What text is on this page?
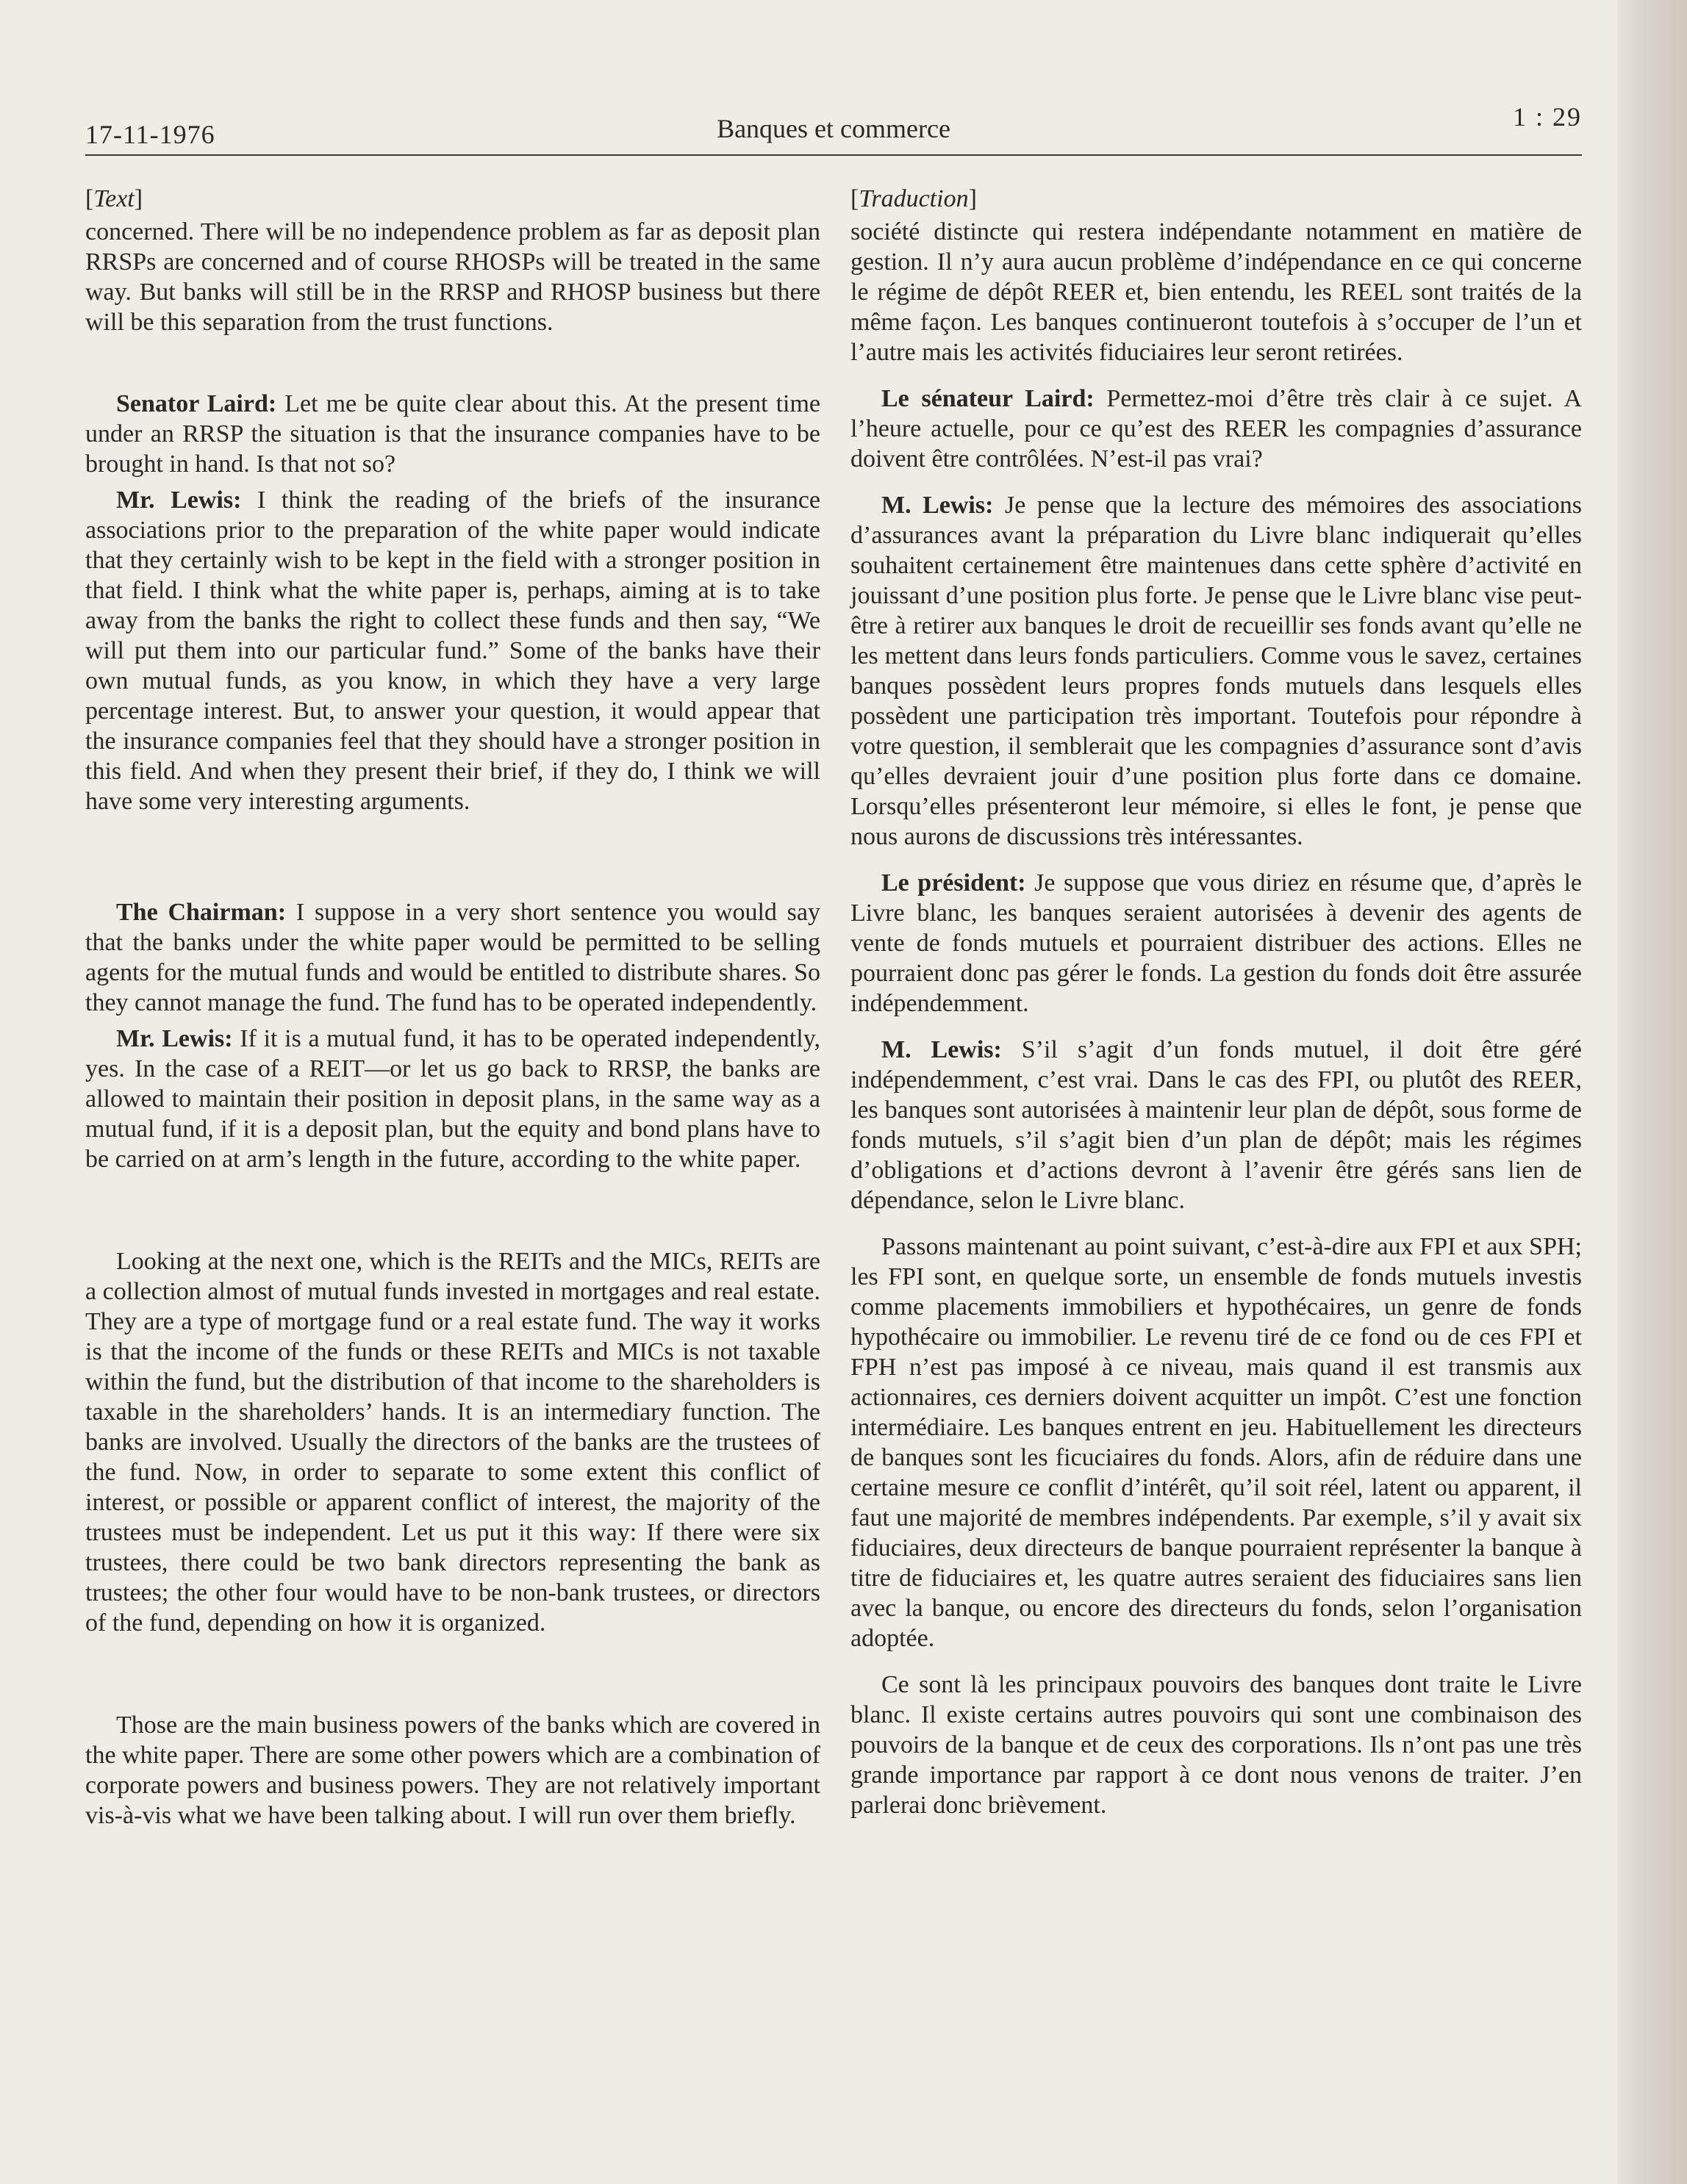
17-11-1976	Banques et commerce	1 : 29
[Text]

concerned. There will be no independence problem as far as deposit plan RRSPs are concerned and of course RHOSPs will be treated in the same way. But banks will still be in the RRSP and RHOSP business but there will be this separation from the trust functions.

Senator Laird: Let me be quite clear about this. At the present time under an RRSP the situation is that the insurance companies have to be brought in hand. Is that not so?

Mr. Lewis: I think the reading of the briefs of the insurance associations prior to the preparation of the white paper would indicate that they certainly wish to be kept in the field with a stronger position in that field. I think what the white paper is, perhaps, aiming at is to take away from the banks the right to collect these funds and then say, “We will put them into our particular fund.” Some of the banks have their own mutual funds, as you know, in which they have a very large percentage interest. But, to answer your question, it would appear that the insurance companies feel that they should have a stronger position in this field. And when they present their brief, if they do, I think we will have some very interesting arguments.

The Chairman: I suppose in a very short sentence you would say that the banks under the white paper would be permitted to be selling agents for the mutual funds and would be entitled to distribute shares. So they cannot manage the fund. The fund has to be operated independently.

Mr. Lewis: If it is a mutual fund, it has to be operated independently, yes. In the case of a REIT—or let us go back to RRSP, the banks are allowed to maintain their position in deposit plans, in the same way as a mutual fund, if it is a deposit plan, but the equity and bond plans have to be carried on at arm’s length in the future, according to the white paper.

Looking at the next one, which is the REITs and the MICs, REITs are a collection almost of mutual funds invested in mortgages and real estate. They are a type of mortgage fund or a real estate fund. The way it works is that the income of the funds or these REITs and MICs is not taxable within the fund, but the distribution of that income to the shareholders is taxable in the shareholders’ hands. It is an intermediary function. The banks are involved. Usually the directors of the banks are the trustees of the fund. Now, in order to separate to some extent this conflict of interest, or possible or apparent conflict of interest, the majority of the trustees must be independent. Let us put it this way: If there were six trustees, there could be two bank directors representing the bank as trustees; the other four would have to be non-bank trustees, or directors of the fund, depending on how it is organized.

Those are the main business powers of the banks which are covered in the white paper. There are some other powers which are a combination of corporate powers and business powers. They are not relatively important vis-à-vis what we have been talking about. I will run over them briefly.

[Traduction]

société distincte qui restera indépendante notamment en matière de gestion. Il n’y aura aucun problème d’indépendance en ce qui concerne le régime de dépôt REER et, bien entendu, les REEL sont traités de la même façon. Les banques continueront toutefois à s’occuper de l’un et l’autre mais les activités fiduciaires leur seront retirées.

Le sénateur Laird: Permettez-moi d’être très clair à ce sujet. A l’heure actuelle, pour ce qu’est des REER les compagnies d’assurance doivent être contrôlées. N’est-il pas vrai?

M. Lewis: Je pense que la lecture des mémoires des associations d’assurances avant la préparation du Livre blanc indiquerait qu’elles souhaitent certainement être maintenues dans cette sphère d’activité en jouissant d’une position plus forte. Je pense que le Livre blanc vise peut-être à retirer aux banques le droit de recueillir ses fonds avant qu’elle ne les mettent dans leurs fonds particuliers. Comme vous le savez, certaines banques possèdent leurs propres fonds mutuels dans lesquels elles possèdent une participation très important. Toutefois pour répondre à votre question, il semblerait que les compagnies d’assurance sont d’avis qu’elles devraient jouir d’une position plus forte dans ce domaine. Lorsqu’elles présenteront leur mémoire, si elles le font, je pense que nous aurons de discussions très intéressantes.

Le président: Je suppose que vous diriez en résume que, d’après le Livre blanc, les banques seraient autorisées à devenir des agents de vente de fonds mutuels et pourraient distribuer des actions. Elles ne pourraient donc pas gérer le fonds. La gestion du fonds doit être assurée indépendemment.

M. Lewis: S’il s’agit d’un fonds mutuel, il doit être géré indépendemment, c’est vrai. Dans le cas des FPI, ou plutôt des REER, les banques sont autorisées à maintenir leur plan de dépôt, sous forme de fonds mutuels, s’il s’agit bien d’un plan de dépôt; mais les régimes d’obligations et d’actions devront à l’avenir être gérés sans lien de dépendance, selon le Livre blanc.

Passons maintenant au point suivant, c’est-à-dire aux FPI et aux SPH; les FPI sont, en quelque sorte, un ensemble de fonds mutuels investis comme placements immobiliers et hypothécaires, un genre de fonds hypothécaire ou immobilier. Le revenu tiré de ce fond ou de ces FPI et FPH n’est pas imposé à ce niveau, mais quand il est transmis aux actionnaires, ces derniers doivent acquitter un impôt. C’est une fonction intermédiaire. Les banques entrent en jeu. Habituellement les directeurs de banques sont les ficuciaires du fonds. Alors, afin de réduire dans une certaine mesure ce conflit d’intérêt, qu’il soit réel, latent ou apparent, il faut une majorité de membres indépendents. Par exemple, s’il y avait six fiduciaires, deux directeurs de banque pourraient représenter la banque à titre de fiduciaires et, les quatre autres seraient des fiduciaires sans lien avec la banque, ou encore des directeurs du fonds, selon l’organisation adoptée.

Ce sont là les principaux pouvoirs des banques dont traite le Livre blanc. Il existe certains autres pouvoirs qui sont une combinaison des pouvoirs de la banque et de ceux des corporations. Ils n’ont pas une très grande importance par rapport à ce dont nous venons de traiter. J’en parlerai donc brièvement.
